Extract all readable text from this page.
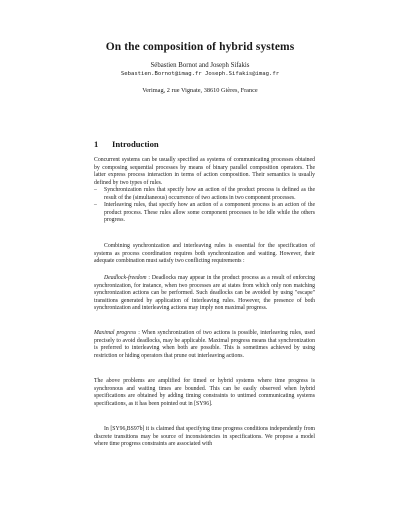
On the composition of hybrid systems
Sébastien Bornot and Joseph Sifakis
Sebastien.Bornot@imag.fr Joseph.Sifakis@imag.fr
Verimag, 2 rue Vignate, 38610 Gières, France
1 Introduction

Concurrent systems can be usually specified as systems of communicating processes obtained by composing sequential processes by means of binary parallel composition operators. The latter express process interaction in terms of action composition. Their semantics is usually defined by two types of rules.

– Synchronization rules that specify how an action of the product process is defined as the result of the (simultaneous) occurrence of two actions in two component processes.
– Interleaving rules, that specify how an action of a component process is an action of the product process. These rules allow some component processes to be idle while the others progress.

Combining synchronization and interleaving rules is essential for the specification of systems as process coordination requires both synchronization and waiting. However, their adequate combination must satisfy two conflicting requirements :

Deadlock-freedom : Deadlocks may appear in the product process as a result of enforcing synchronization, for instance, when two processes are at states from which only non matching synchronization actions can be performed. Such deadlocks can be avoided by using "escape" transitions generated by application of interleaving rules. However, the presence of both synchronization and interleaving actions may imply non maximal progress.

Maximal progress : When synchronization of two actions is possible, interleaving rules, used precisely to avoid deadlocks, may be applicable. Maximal progress means that synchronization is preferred to interleaving when both are possible. This is sometimes achieved by using restriction or hiding operators that prune out interleaving actions.

The above problems are amplified for timed or hybrid systems where time progress is synchronous and waiting times are bounded. This can be easily observed when hybrid specifications are obtained by adding timing constraints to untimed communicating systems specifications, as it has been pointed out in [SY96].

In [SY96,BS97b] it is claimed that specifying time progress conditions independently from discrete transitions may be source of inconsistencies in specifications. We propose a model where time progress constraints are associated with
